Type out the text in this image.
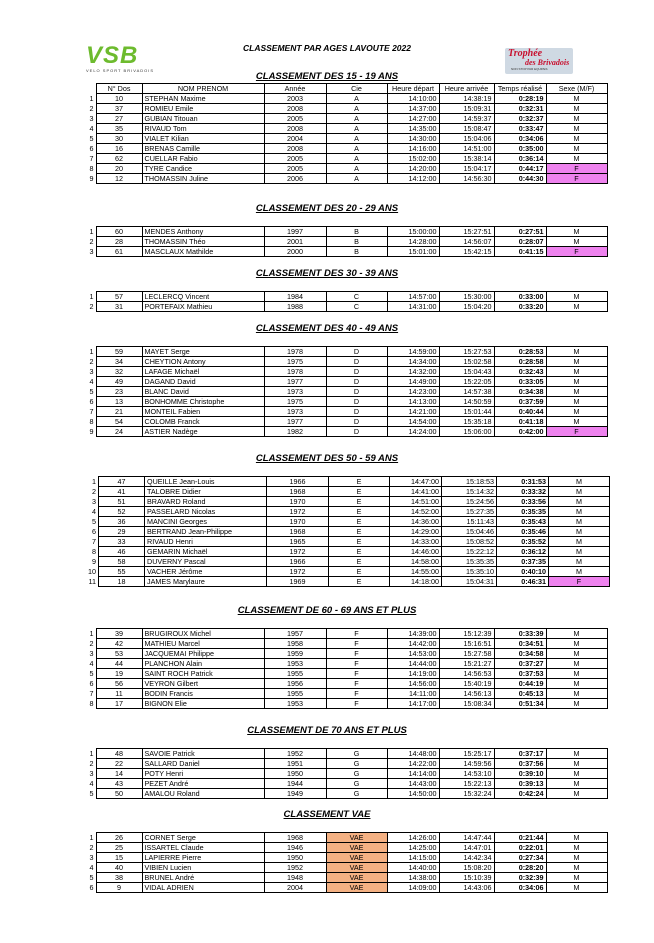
VSB
VELO SPORT BRIVADOIS
CLASSEMENT PAR AGES LAVOUTE 2022	Trophée
des Brivadois
NON STOP PAR EQUIPES
CLASSEMENT DES 15 - 19 ANS
	N° Dos	NOM PRENOM	Année	Cie	Heure départ	Heure arrivée	Temps réalisé	Sexe (M/F)
1	10	STEPHAN Maxime	2003	A	14:10:00	14:38:19	0:28:19	M
2	37	ROMIEU Emile	2008	A	14:37:00	15:09:31	0:32:31	M
3	27	GUBIAN Titouan	2005	A	14:27:00	14:59:37	0:32:37	M
4	35	RIVAUD Tom	2008	A	14:35:00	15:08:47	0:33:47	M
5	30	VIALET Kilian	2004	A	14:30:00	15:04:06	0:34:06	M
6	16	BRENAS Camille	2008	A	14:16:00	14:51:00	0:35:00	M
7	62	CUELLAR Fabio	2005	A	15:02:00	15:38:14	0:36:14	M
8	20	TYRE Candice	2005	A	14:20:00	15:04:17	0:44:17	F
9	12	THOMASSIN Juline	2006	A	14:12:00	14:56:30	0:44:30	F
CLASSEMENT DES 20 - 29 ANS
1	60	MENDES Anthony	1997	B	15:00:00	15:27:51	0:27:51	M
2	28	THOMASSIN Théo	2001	B	14:28:00	14:56:07	0:28:07	M
3	61	MASCLAUX Mathilde	2000	B	15:01:00	15:42:15	0:41:15	F
CLASSEMENT DES 30 - 39 ANS
1	57	LECLERCQ Vincent	1984	C	14:57:00	15:30:00	0:33:00	M
2	31	PORTEFAIX Mathieu	1988	C	14:31:00	15:04:20	0:33:20	M
CLASSEMENT DES 40 - 49 ANS
1	59	MAYET Serge	1978	D	14:59:00	15:27:53	0:28:53	M
2	34	CHEYTION Antony	1975	D	14:34:00	15:02:58	0:28:58	M
3	32	LAFAGE Michaël	1978	D	14:32:00	15:04:43	0:32:43	M
4	49	DAGAND David	1977	D	14:49:00	15:22:05	0:33:05	M
5	23	BLANC David	1973	D	14:23:00	14:57:38	0:34:38	M
6	13	BONHOMME Christophe	1975	D	14:13:00	14:50:59	0:37:59	M
7	21	MONTEIL Fabien	1973	D	14:21:00	15:01:44	0:40:44	M
8	54	COLOMB Franck	1977	D	14:54:00	15:35:18	0:41:18	M
9	24	ASTIER Nadège	1982	D	14:24:00	15:06:00	0:42:00	F
CLASSEMENT DES 50 - 59 ANS
1	47	QUEILLE Jean-Louis	1966	E	14:47:00	15:18:53	0:31:53	M
2	41	TALOBRE Didier	1968	E	14:41:00	15:14:32	0:33:32	M
3	51	BRAVARD Roland	1970	E	14:51:00	15:24:56	0:33:56	M
4	52	PASSELARD Nicolas	1972	E	14:52:00	15:27:35	0:35:35	M
5	36	MANCINI Georges	1970	E	14:36:00	15:11:43	0:35:43	M
6	29	BERTRAND Jean-Philippe	1968	E	14:29:00	15:04:46	0:35:46	M
7	33	RIVAUD Henri	1965	E	14:33:00	15:08:52	0:35:52	M
8	46	GEMARIN Michaël	1972	E	14:46:00	15:22:12	0:36:12	M
9	58	DUVERNY Pascal	1966	E	14:58:00	15:35:35	0:37:35	M
10	55	VACHER Jérôme	1972	E	14:55:00	15:35:10	0:40:10	M
11	18	JAMES Marylaure	1969	E	14:18:00	15:04:31	0:46:31	F
CLASSEMENT DE 60 - 69 ANS ET PLUS
1	39	BRUGIROUX Michel	1957	F	14:39:00	15:12:39	0:33:39	M
2	42	MATHIEU Marcel	1958	F	14:42:00	15:16:51	0:34:51	M
3	53	JACQUEMAI Philippe	1959	F	14:53:00	15:27:58	0:34:58	M
4	44	PLANCHON Alain	1953	F	14:44:00	15:21:27	0:37:27	M
5	19	SAINT ROCH Patrick	1955	F	14:19:00	14:56:53	0:37:53	M
6	56	VEYRON Gilbert	1956	F	14:56:00	15:40:19	0:44:19	M
7	11	BODIN Francis	1955	F	14:11:00	14:56:13	0:45:13	M
8	17	BIGNON Elie	1953	F	14:17:00	15:08:34	0:51:34	M
CLASSEMENT DE 70 ANS ET PLUS
1	48	SAVOIE Patrick	1952	G	14:48:00	15:25:17	0:37:17	M
2	22	SALLARD Daniel	1951	G	14:22:00	14:59:56	0:37:56	M
3	14	POTY Henri	1950	G	14:14:00	14:53:10	0:39:10	M
4	43	PEZET André	1944	G	14:43:00	15:22:13	0:39:13	M
5	50	AMALOU Roland	1949	G	14:50:00	15:32:24	0:42:24	M
CLASSEMENT VAE
1	26	CORNET Serge	1968	VAE	14:26:00	14:47:44	0:21:44	M
2	25	ISSARTEL Claude	1946	VAE	14:25:00	14:47:01	0:22:01	M
3	15	LAPIERRE Pierre	1950	VAE	14:15:00	14:42:34	0:27:34	M
4	40	VIBIEN Lucien	1952	VAE	14:40:00	15:08:20	0:28:20	M
5	38	BRUNEL André	1948	VAE	14:38:00	15:10:39	0:32:39	M
6	9	VIDAL ADRIEN	2004	VAE	14:09:00	14:43:06	0:34:06	M
